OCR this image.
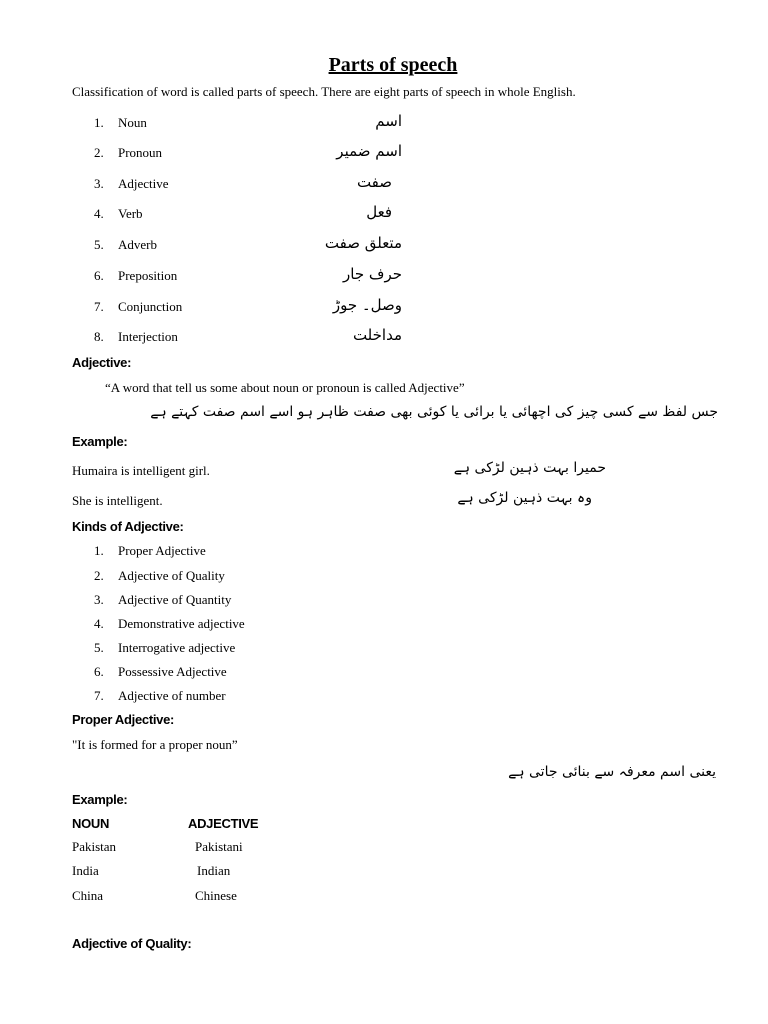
Parts of speech
Classification of word is called parts of speech. There are eight parts of speech in whole English.
1. Noun	اسم
2. Pronoun	اسم ضمیر
3. Adjective	صفت
4. Verb	فعل
5. Adverb	متعلق صفت
6. Preposition	حرف جار
7. Conjunction	وصل۔ جوڑ
8. Interjection	مداخلت
Adjective:
“A word that tell us some about noun or pronoun is called Adjective”
جس لفظ سے کسی چیز کی اچھائی یا برائی یا کوئی بھی صفت ظاہر ہو اسے اسم صفت کہتے ہے
Example:
Humaira is intelligent girl.	حمیرا بہت ذہین لڑکی ہے
She is intelligent.	وہ بہت ذہین لڑکی ہے
Kinds of Adjective:
1. Proper Adjective
2. Adjective of Quality
3. Adjective of Quantity
4. Demonstrative adjective
5. Interrogative adjective
6. Possessive Adjective
7. Adjective of number
Proper Adjective:
"It is formed for a proper noun”
یعنی اسم معرفہ سے بنائی جاتی ہے
Example:
NOUN	ADJECTIVE
Pakistan	Pakistani
India	Indian
China	Chinese
Adjective of Quality:
